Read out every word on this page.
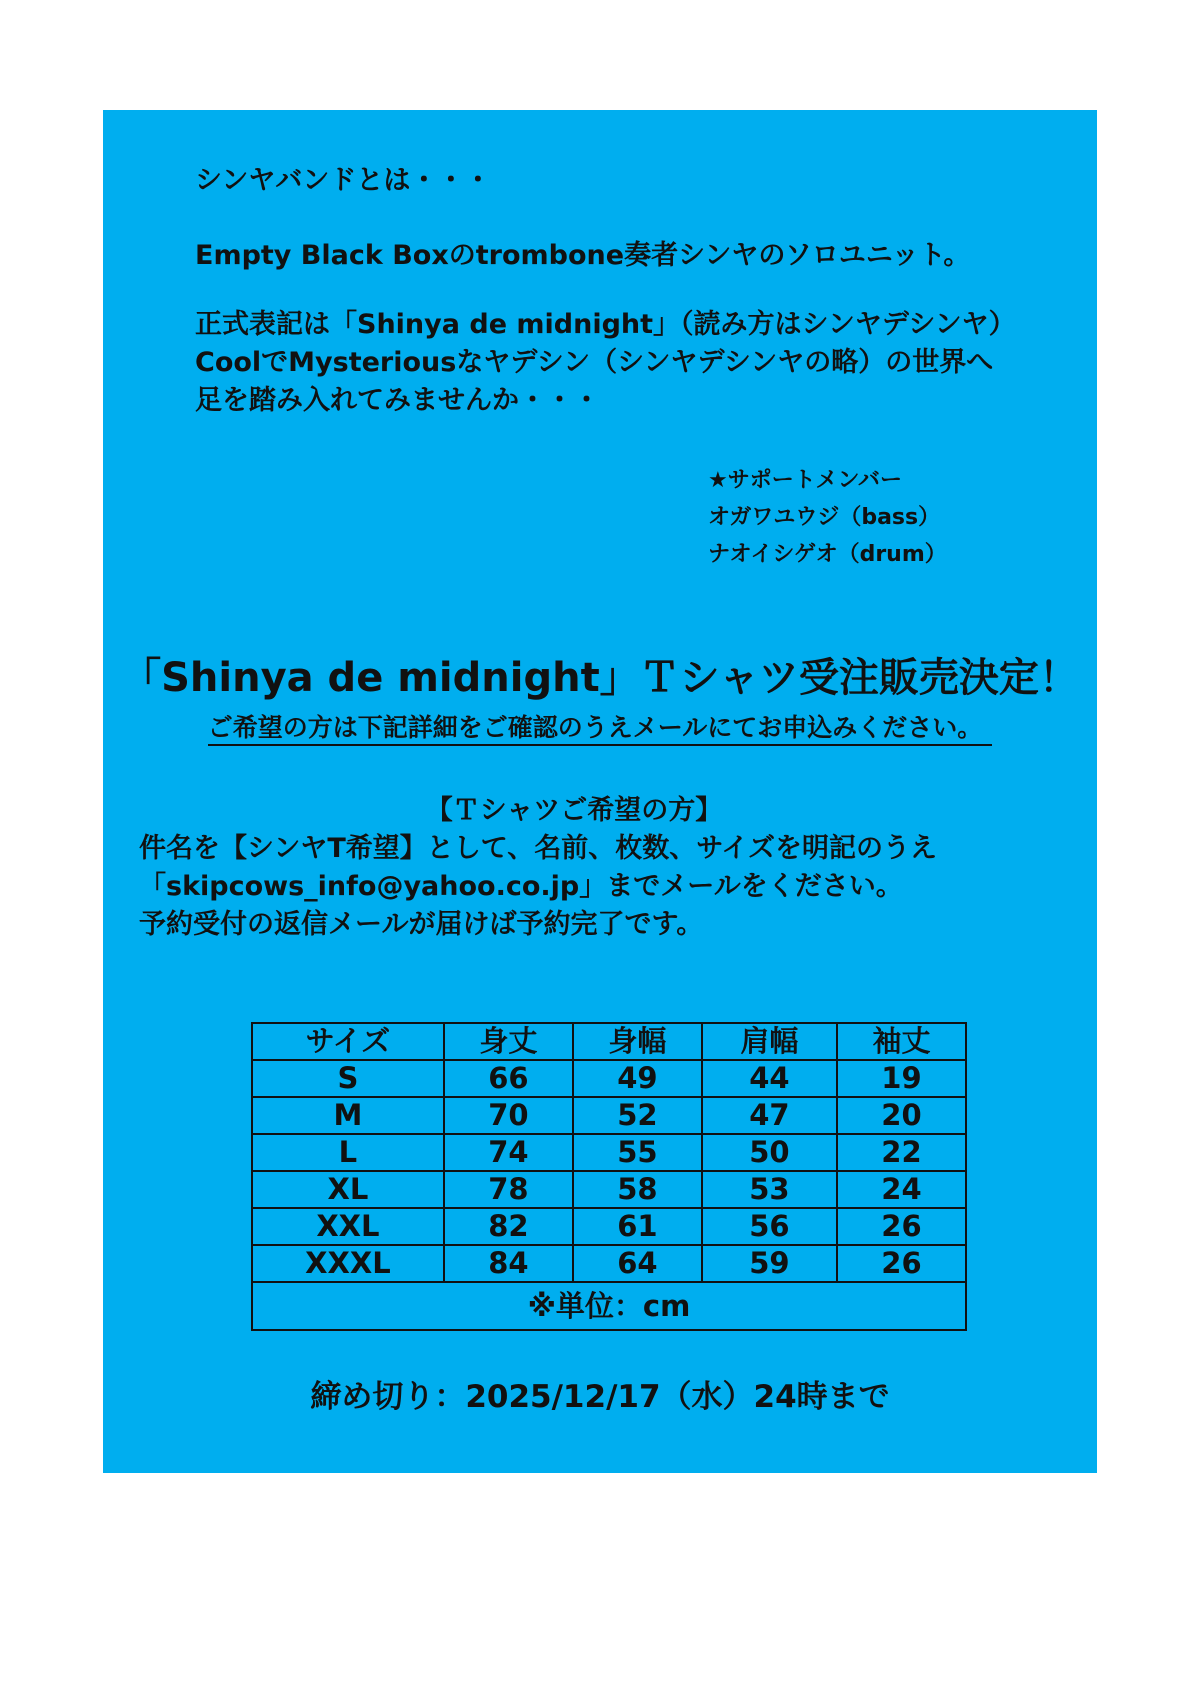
シンヤバンドとは・・・

Empty Black Boxのtrombone奏者シンヤのソロユニット。

正式表記は「Shinya de midnight」（読み方はシンヤデシンヤ）

CoolでMysteriousなヤデシン（シンヤデシンヤの略）の世界へ

足を踏み入れてみませんか・・・

★サポートメンバー
オガワユウジ（bass）
ナオイシゲオ（drum）
「Shinya de midnight」Ｔシャツ受注販売決定！
ご希望の方は下記詳細をご確認のうえメールにてお申込みください。
【Ｔシャツご希望の方】
件名を【シンヤT希望】として、名前、枚数、サイズを明記のうえ
「skipcows_info@yahoo.co.jp」までメールをください。
予約受付の返信メールが届けば予約完了です。
サイズ	身丈	身幅	肩幅	袖丈
S	66	49	44	19
M	70	52	47	20
L	74	55	50	22
XL	78	58	53	24
XXL	82	61	56	26
XXXL	84	64	59	26
※単位：cm				
締め切り：2025/12/17（水）24時まで
